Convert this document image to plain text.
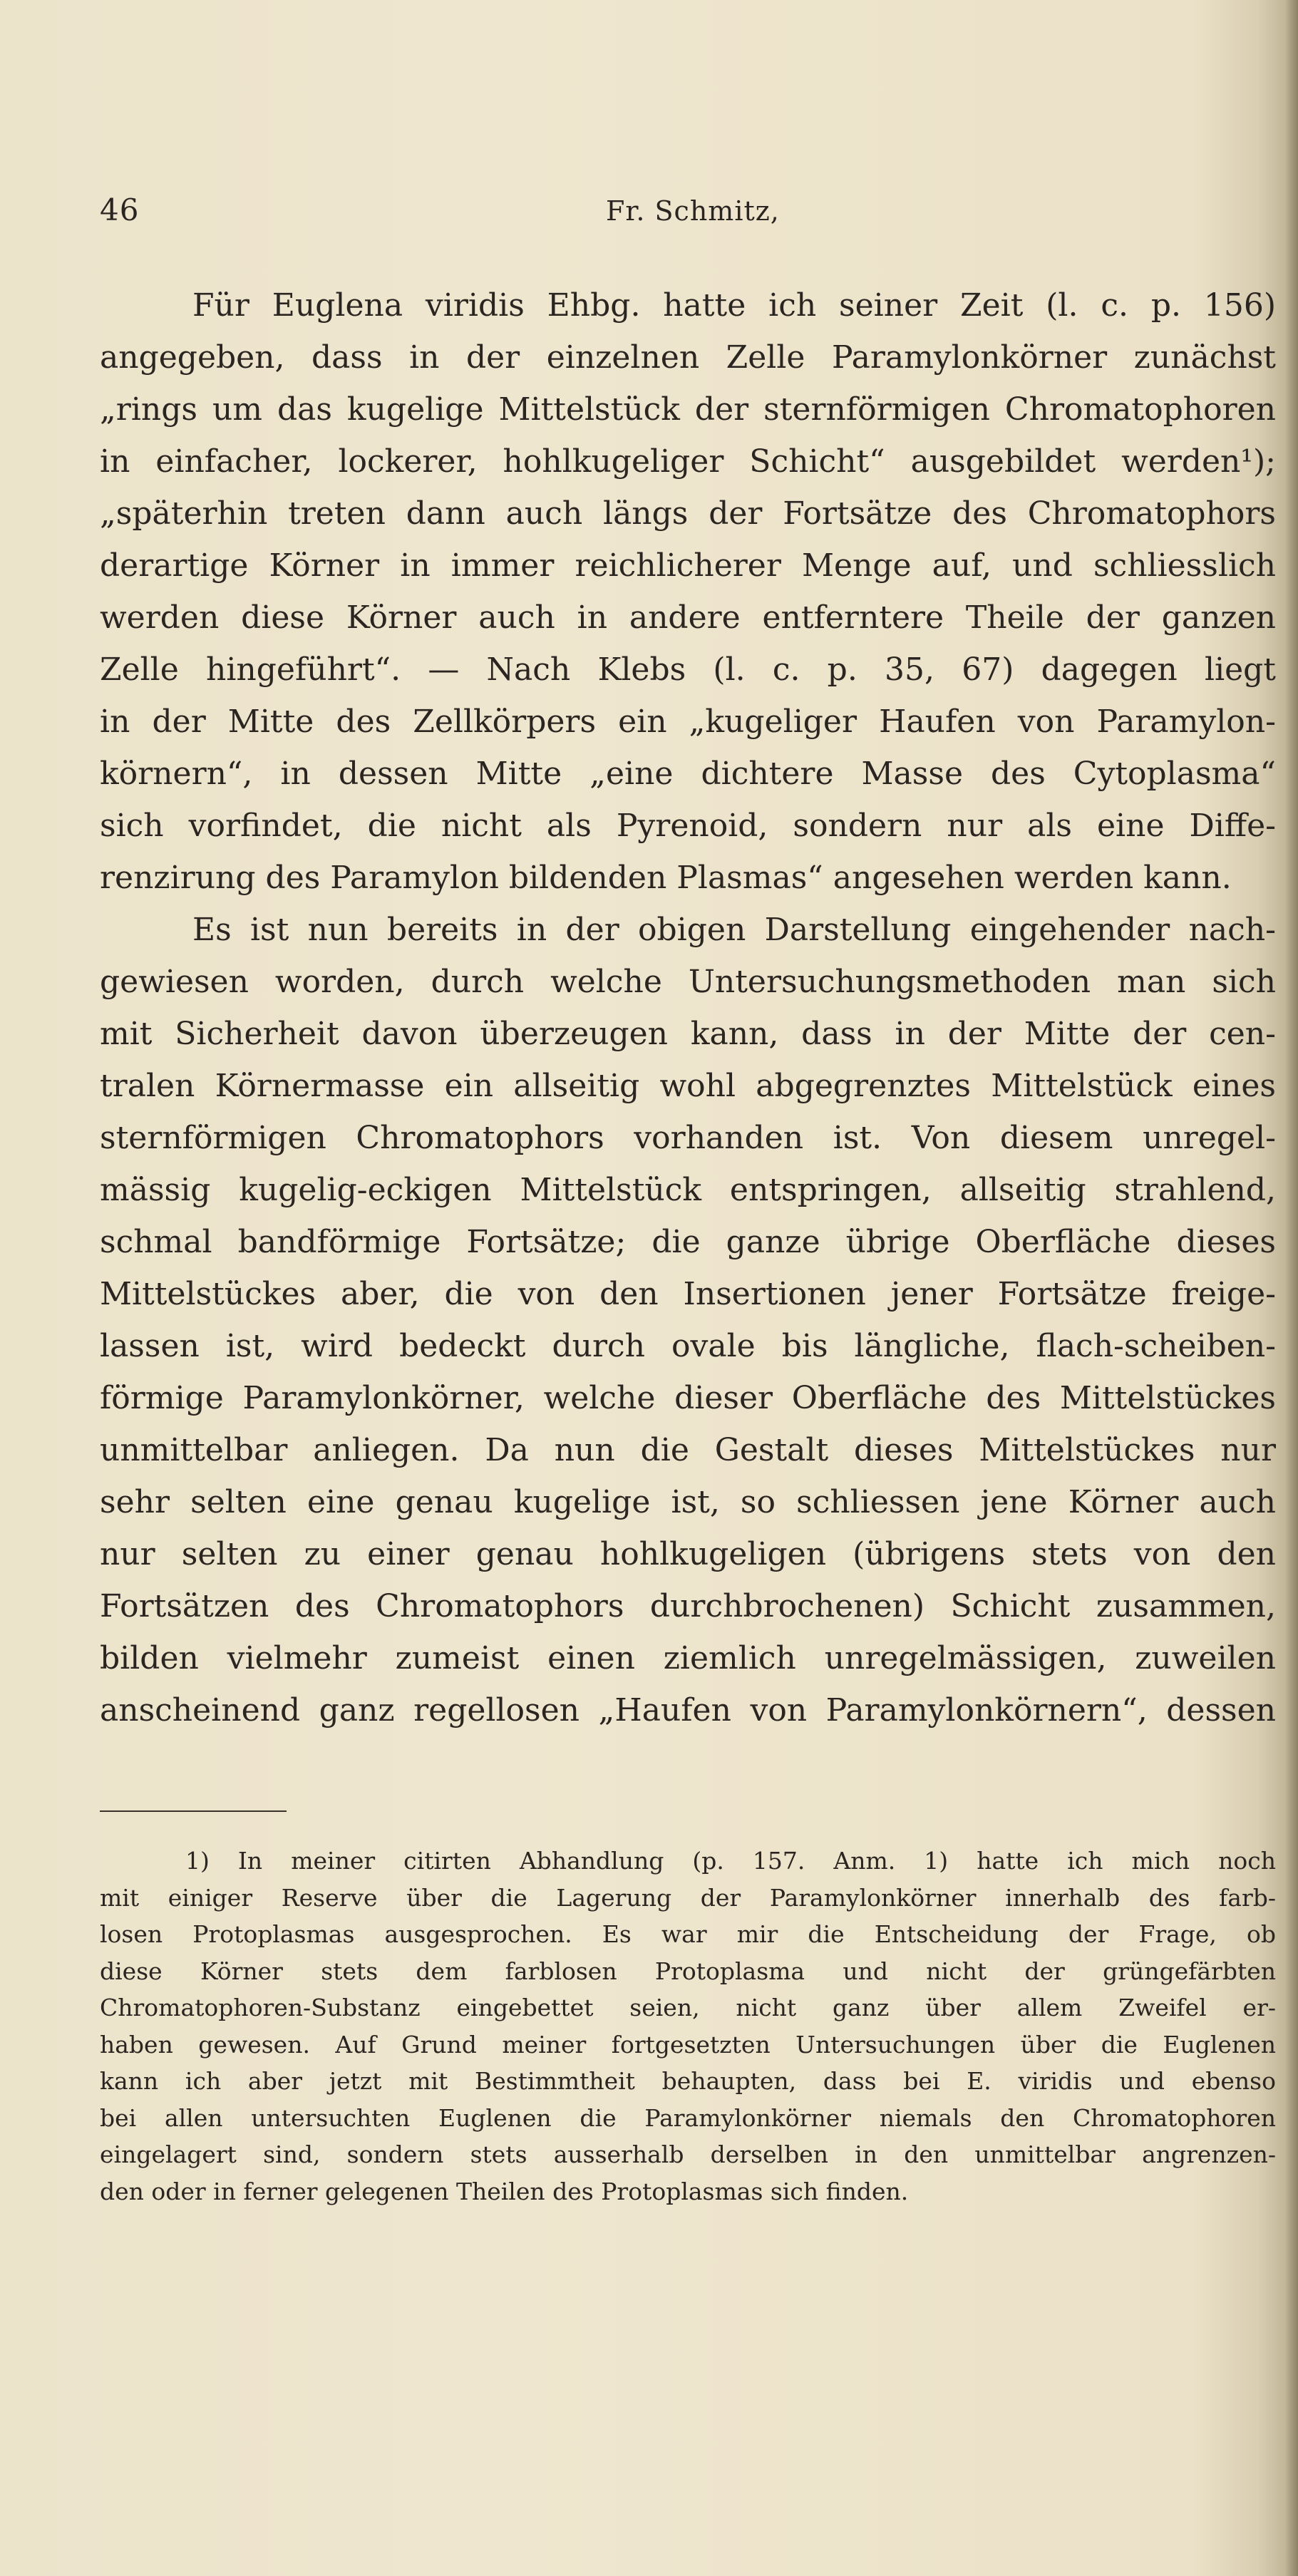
46	Fr. Schmitz,
Für Euglena viridis Ehbg. hatte ich seiner Zeit (l. c. p. 156)
angegeben, dass in der einzelnen Zelle Paramylonkörner zunächst
„rings um das kugelige Mittelstück der sternförmigen Chromatophoren
in einfacher, lockerer, hohlkugeliger Schicht“ ausgebildet werden¹);
„späterhin treten dann auch längs der Fortsätze des Chromatophors
derartige Körner in immer reichlicherer Menge auf, und schliesslich
werden diese Körner auch in andere entferntere Theile der ganzen
Zelle hingeführt“. — Nach Klebs (l. c. p. 35, 67) dagegen liegt
in der Mitte des Zellkörpers ein „kugeliger Haufen von Paramylon-
körnern“, in dessen Mitte „eine dichtere Masse des Cytoplasma“
sich vorfindet, die nicht als Pyrenoid, sondern nur als eine Diffe-
renzirung des Paramylon bildenden Plasmas“ angesehen werden kann.
Es ist nun bereits in der obigen Darstellung eingehender nach-
gewiesen worden, durch welche Untersuchungsmethoden man sich
mit Sicherheit davon überzeugen kann, dass in der Mitte der cen-
tralen Körnermasse ein allseitig wohl abgegrenztes Mittelstück eines
sternförmigen Chromatophors vorhanden ist. Von diesem unregel-
mässig kugelig-eckigen Mittelstück entspringen, allseitig strahlend,
schmal bandförmige Fortsätze; die ganze übrige Oberfläche dieses
Mittelstückes aber, die von den Insertionen jener Fortsätze freige-
lassen ist, wird bedeckt durch ovale bis längliche, flach-scheiben-
förmige Paramylonkörner, welche dieser Oberfläche des Mittelstückes
unmittelbar anliegen. Da nun die Gestalt dieses Mittelstückes nur
sehr selten eine genau kugelige ist, so schliessen jene Körner auch
nur selten zu einer genau hohlkugeligen (übrigens stets von den
Fortsätzen des Chromatophors durchbrochenen) Schicht zusammen,
bilden vielmehr zumeist einen ziemlich unregelmässigen, zuweilen
anscheinend ganz regellosen „Haufen von Paramylonkörnern“, dessen
1) In meiner citirten Abhandlung (p. 157. Anm. 1) hatte ich mich noch
mit einiger Reserve über die Lagerung der Paramylonkörner innerhalb des farb-
losen Protoplasmas ausgesprochen. Es war mir die Entscheidung der Frage, ob
diese Körner stets dem farblosen Protoplasma und nicht der grüngefärbten
Chromatophoren-Substanz eingebettet seien, nicht ganz über allem Zweifel er-
haben gewesen. Auf Grund meiner fortgesetzten Untersuchungen über die Euglenen
kann ich aber jetzt mit Bestimmtheit behaupten, dass bei E. viridis und ebenso
bei allen untersuchten Euglenen die Paramylonkörner niemals den Chromatophoren
eingelagert sind, sondern stets ausserhalb derselben in den unmittelbar angrenzen-
den oder in ferner gelegenen Theilen des Protoplasmas sich finden.
